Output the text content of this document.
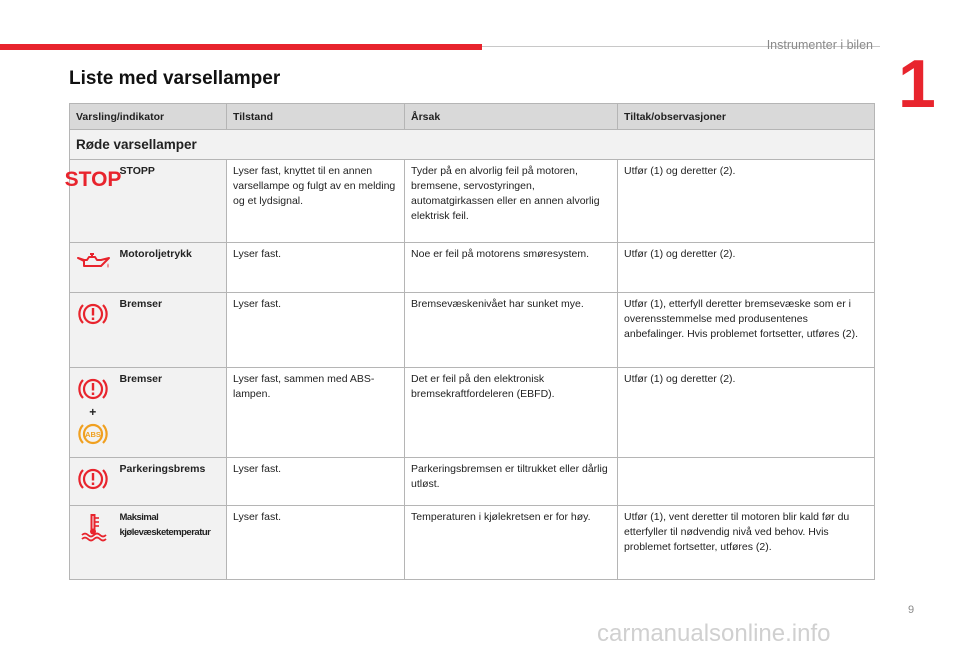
Instrumenter i bilen
1
Liste med varsellamper
Varsling/indikator		Tilstand	Årsak	Tiltak/observasjoner
Røde varsellamper				

STOP	STOPP	Lyser fast, knyttet til en annen varsellampe og fulgt av en melding og et lydsignal.	Tyder på en alvorlig feil på motoren, bremsene, servostyringen, automatgirkassen eller en annen alvorlig elektrisk feil.	Utfør (1) og deretter (2).

	Motoroljetrykk	Lyser fast.	Noe er feil på motorens smøresystem.	Utfør (1) og deretter (2).

	Bremser	Lyser fast.	Bremsevæskenivået har sunket mye.	Utfør (1), etterfyll deretter bremsevæske som er i overensstemmelse med produsentenes anbefalinger. Hvis problemet fortsetter, utføres (2).

+
ABS	Bremser	Lyser fast, sammen med ABS-lampen.	Det er feil på den elektronisk bremsekraftfordeleren (EBFD).	Utfør (1) og deretter (2).

	Parkeringsbrems	Lyser fast.	Parkeringsbremsen er tiltrukket eller dårlig utløst.	

	Maksimal kjølevæsketemperatur	Lyser fast.	Temperaturen i kjølekretsen er for høy.	Utfør (1), vent deretter til motoren blir kald før du etterfyller til nødvendig nivå ved behov. Hvis problemet fortsetter, utføres (2).
9
carmanualsonline.info
